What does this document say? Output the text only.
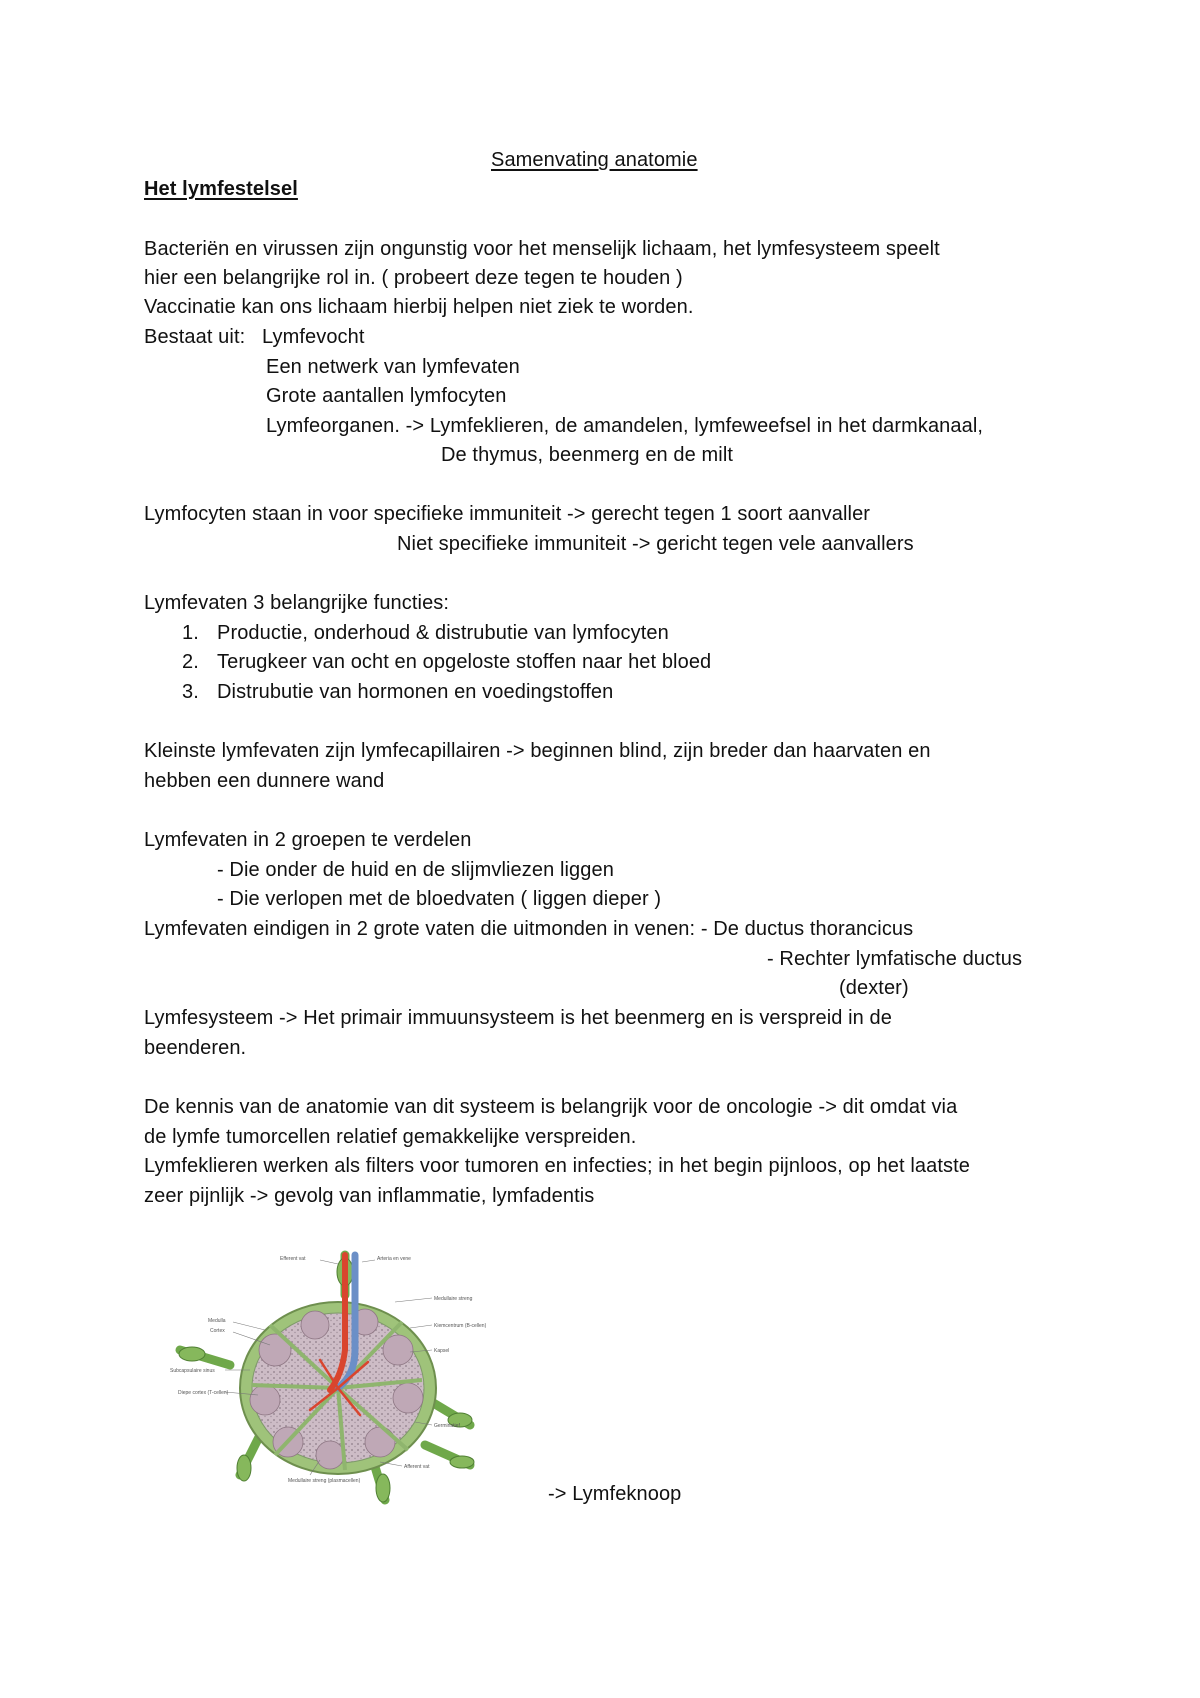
Samenvating anatomie
Het lymfestelsel
Bacteriën en virussen zijn ongunstig voor het menselijk lichaam, het lymfesysteem speelt
hier een belangrijke rol in. ( probeert deze tegen te houden )
Vaccinatie kan ons lichaam hierbij helpen niet ziek te worden.
Bestaat uit: Lymfevocht
Een netwerk van lymfevaten
Grote aantallen lymfocyten
Lymfeorganen. -> Lymfeklieren, de amandelen, lymfeweefsel in het darmkanaal,
De thymus, beenmerg en de milt
Lymfocyten staan in voor specifieke immuniteit -> gerecht tegen 1 soort aanvaller
Niet specifieke immuniteit -> gericht tegen vele aanvallers
Lymfevaten 3 belangrijke functies:
1. Productie, onderhoud & distrubutie van lymfocyten
2. Terugkeer van ocht en opgeloste stoffen naar het bloed
3. Distrubutie van hormonen en voedingstoffen
Kleinste lymfevaten zijn lymfecapillairen -> beginnen blind, zijn breder dan haarvaten en
hebben een dunnere wand
Lymfevaten in 2 groepen te verdelen
- Die onder de huid en de slijmvliezen liggen
- Die verlopen met de bloedvaten ( liggen dieper )
Lymfevaten eindigen in 2 grote vaten die uitmonden in venen: - De ductus thorancicus
- Rechter lymfatische ductus
(dexter)
Lymfesysteem -> Het primair immuunsysteem is het beenmerg en is verspreid in de
beenderen.
De kennis van de anatomie van dit systeem is belangrijk voor de oncologie -> dit omdat via
de lymfe tumorcellen relatief gemakkelijke verspreiden.
Lymfeklieren werken als filters voor tumoren en infecties; in het begin pijnloos, op het laatste
zeer pijnlijk -> gevolg van inflammatie, lymfadentis
Efferent vat	Arteria en vene
Medullaire streng
Medulla
Cortex
Kiemcentrum (B-cellen)
Kapsel
Subcapsulaire sinus
Diepe cortex (T-cellen)
Germinatief
Afferent vat
Medullaire streng (plasmacellen)
-> Lymfeknoop
